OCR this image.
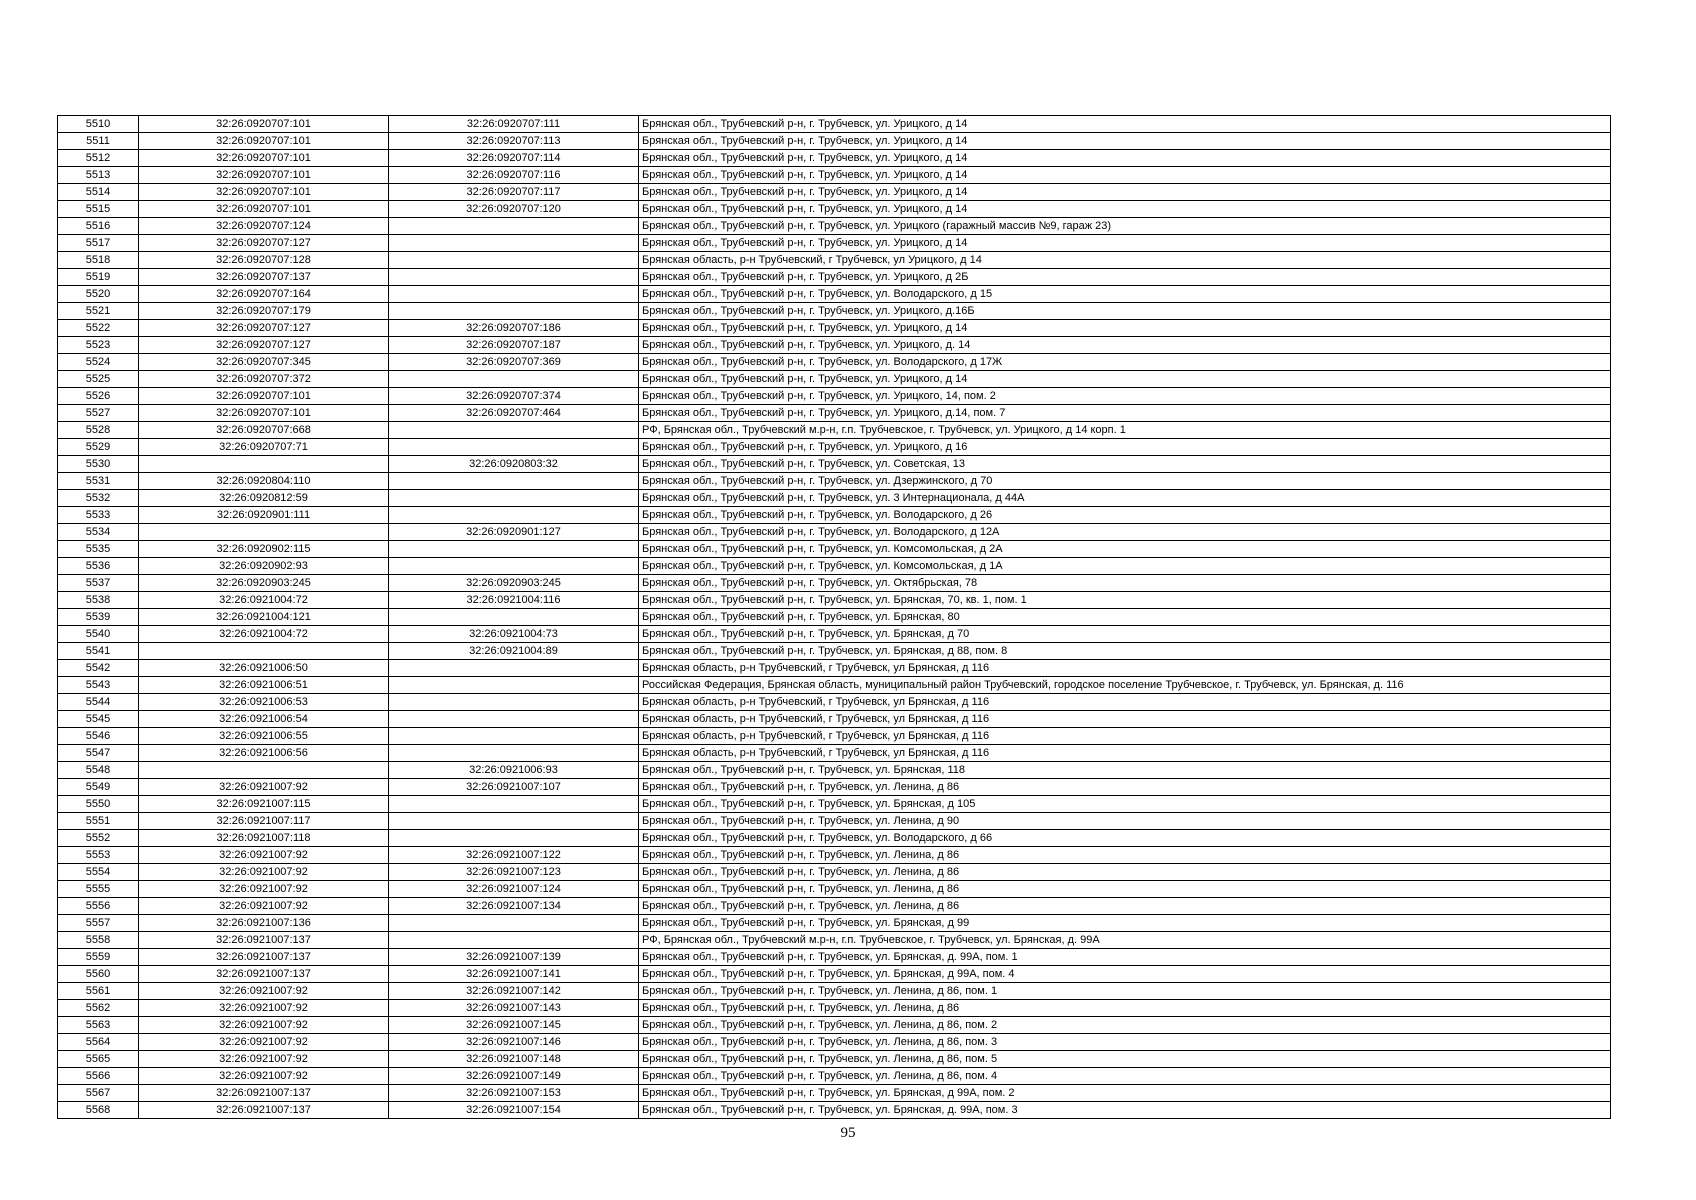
5510	32:26:0920707:101	32:26:0920707:111	Брянская обл., Трубчевский р-н, г. Трубчевск, ул. Урицкого, д 14
5511	32:26:0920707:101	32:26:0920707:113	Брянская обл., Трубчевский р-н, г. Трубчевск, ул. Урицкого, д 14
5512	32:26:0920707:101	32:26:0920707:114	Брянская обл., Трубчевский р-н, г. Трубчевск, ул. Урицкого, д 14
5513	32:26:0920707:101	32:26:0920707:116	Брянская обл., Трубчевский р-н, г. Трубчевск, ул. Урицкого, д 14
5514	32:26:0920707:101	32:26:0920707:117	Брянская обл., Трубчевский р-н, г. Трубчевск, ул. Урицкого, д 14
5515	32:26:0920707:101	32:26:0920707:120	Брянская обл., Трубчевский р-н, г. Трубчевск, ул. Урицкого, д 14
5516	32:26:0920707:124		Брянская обл., Трубчевский р-н, г. Трубчевск, ул. Урицкого (гаражный массив №9, гараж 23)
5517	32:26:0920707:127		Брянская обл., Трубчевский р-н, г. Трубчевск, ул. Урицкого, д 14
5518	32:26:0920707:128		Брянская область, р-н Трубчевский, г Трубчевск, ул Урицкого, д 14
5519	32:26:0920707:137		Брянская обл., Трубчевский р-н, г. Трубчевск, ул. Урицкого, д 2Б
5520	32:26:0920707:164		Брянская обл., Трубчевский р-н, г. Трубчевск, ул. Володарского, д 15
5521	32:26:0920707:179		Брянская обл., Трубчевский р-н, г. Трубчевск, ул. Урицкого, д.16Б
5522	32:26:0920707:127	32:26:0920707:186	Брянская обл., Трубчевский р-н, г. Трубчевск, ул. Урицкого, д 14
5523	32:26:0920707:127	32:26:0920707:187	Брянская обл., Трубчевский р-н, г. Трубчевск, ул. Урицкого, д. 14
5524	32:26:0920707:345	32:26:0920707:369	Брянская обл., Трубчевский р-н, г. Трубчевск, ул. Володарского, д 17Ж
5525	32:26:0920707:372		Брянская обл., Трубчевский р-н, г. Трубчевск, ул. Урицкого, д 14
5526	32:26:0920707:101	32:26:0920707:374	Брянская обл., Трубчевский р-н, г. Трубчевск, ул. Урицкого, 14, пом. 2
5527	32:26:0920707:101	32:26:0920707:464	Брянская обл., Трубчевский р-н, г. Трубчевск, ул. Урицкого, д.14, пом. 7
5528	32:26:0920707:668		РФ, Брянская обл., Трубчевский м.р-н, г.п. Трубчевское, г. Трубчевск, ул. Урицкого, д 14 корп. 1
5529	32:26:0920707:71		Брянская обл., Трубчевский р-н, г. Трубчевск, ул. Урицкого, д 16
5530		32:26:0920803:32	Брянская обл., Трубчевский р-н, г. Трубчевск, ул. Советская, 13
5531	32:26:0920804:110		Брянская обл., Трубчевский р-н, г. Трубчевск, ул. Дзержинского, д 70
5532	32:26:0920812:59		Брянская обл., Трубчевский р-н, г. Трубчевск, ул. 3 Интернационала, д 44А
5533	32:26:0920901:111		Брянская обл., Трубчевский р-н, г. Трубчевск, ул. Володарского, д 26
5534		32:26:0920901:127	Брянская обл., Трубчевский р-н, г. Трубчевск, ул. Володарского, д 12А
5535	32:26:0920902:115		Брянская обл., Трубчевский р-н, г. Трубчевск, ул. Комсомольская, д 2А
5536	32:26:0920902:93		Брянская обл., Трубчевский р-н, г. Трубчевск, ул. Комсомольская, д 1А
5537	32:26:0920903:245	32:26:0920903:245	Брянская обл., Трубчевский р-н, г. Трубчевск, ул. Октябрьская, 78
5538	32:26:0921004:72	32:26:0921004:116	Брянская обл., Трубчевский р-н, г. Трубчевск, ул. Брянская, 70, кв. 1, пом. 1
5539	32:26:0921004:121		Брянская обл., Трубчевский р-н, г. Трубчевск, ул. Брянская, 80
5540	32:26:0921004:72	32:26:0921004:73	Брянская обл., Трубчевский р-н, г. Трубчевск, ул. Брянская, д 70
5541		32:26:0921004:89	Брянская обл., Трубчевский р-н, г. Трубчевск, ул. Брянская, д 88, пом. 8
5542	32:26:0921006:50		Брянская область, р-н Трубчевский, г Трубчевск, ул Брянская, д 116
5543	32:26:0921006:51		Российская Федерация, Брянская область, муниципальный район Трубчевский, городское поселение Трубчевское, г. Трубчевск, ул. Брянская, д. 116
5544	32:26:0921006:53		Брянская область, р-н Трубчевский, г Трубчевск, ул Брянская, д 116
5545	32:26:0921006:54		Брянская область, р-н Трубчевский, г Трубчевск, ул Брянская, д 116
5546	32:26:0921006:55		Брянская область, р-н Трубчевский, г Трубчевск, ул Брянская, д 116
5547	32:26:0921006:56		Брянская область, р-н Трубчевский, г Трубчевск, ул Брянская, д 116
5548		32:26:0921006:93	Брянская обл., Трубчевский р-н, г. Трубчевск, ул. Брянская, 118
5549	32:26:0921007:92	32:26:0921007:107	Брянская обл., Трубчевский р-н, г. Трубчевск, ул. Ленина, д 86
5550	32:26:0921007:115		Брянская обл., Трубчевский р-н, г. Трубчевск, ул. Брянская, д 105
5551	32:26:0921007:117		Брянская обл., Трубчевский р-н, г. Трубчевск, ул. Ленина, д 90
5552	32:26:0921007:118		Брянская обл., Трубчевский р-н, г. Трубчевск, ул. Володарского, д 66
5553	32:26:0921007:92	32:26:0921007:122	Брянская обл., Трубчевский р-н, г. Трубчевск, ул. Ленина, д 86
5554	32:26:0921007:92	32:26:0921007:123	Брянская обл., Трубчевский р-н, г. Трубчевск, ул. Ленина, д 86
5555	32:26:0921007:92	32:26:0921007:124	Брянская обл., Трубчевский р-н, г. Трубчевск, ул. Ленина, д 86
5556	32:26:0921007:92	32:26:0921007:134	Брянская обл., Трубчевский р-н, г. Трубчевск, ул. Ленина, д 86
5557	32:26:0921007:136		Брянская обл., Трубчевский р-н, г. Трубчевск, ул. Брянская, д 99
5558	32:26:0921007:137		РФ, Брянская обл., Трубчевский м.р-н, г.п. Трубчевское, г. Трубчевск, ул. Брянская, д. 99А
5559	32:26:0921007:137	32:26:0921007:139	Брянская обл., Трубчевский р-н, г. Трубчевск, ул. Брянская, д. 99А, пом. 1
5560	32:26:0921007:137	32:26:0921007:141	Брянская обл., Трубчевский р-н, г. Трубчевск, ул. Брянская, д 99А, пом. 4
5561	32:26:0921007:92	32:26:0921007:142	Брянская обл., Трубчевский р-н, г. Трубчевск, ул. Ленина, д 86, пом. 1
5562	32:26:0921007:92	32:26:0921007:143	Брянская обл., Трубчевский р-н, г. Трубчевск, ул. Ленина, д 86
5563	32:26:0921007:92	32:26:0921007:145	Брянская обл., Трубчевский р-н, г. Трубчевск, ул. Ленина, д 86, пом. 2
5564	32:26:0921007:92	32:26:0921007:146	Брянская обл., Трубчевский р-н, г. Трубчевск, ул. Ленина, д 86, пом. 3
5565	32:26:0921007:92	32:26:0921007:148	Брянская обл., Трубчевский р-н, г. Трубчевск, ул. Ленина, д 86, пом. 5
5566	32:26:0921007:92	32:26:0921007:149	Брянская обл., Трубчевский р-н, г. Трубчевск, ул. Ленина, д 86, пом. 4
5567	32:26:0921007:137	32:26:0921007:153	Брянская обл., Трубчевский р-н, г. Трубчевск, ул. Брянская, д 99А, пом. 2
5568	32:26:0921007:137	32:26:0921007:154	Брянская обл., Трубчевский р-н, г. Трубчевск, ул. Брянская, д. 99А, пом. 3
95
